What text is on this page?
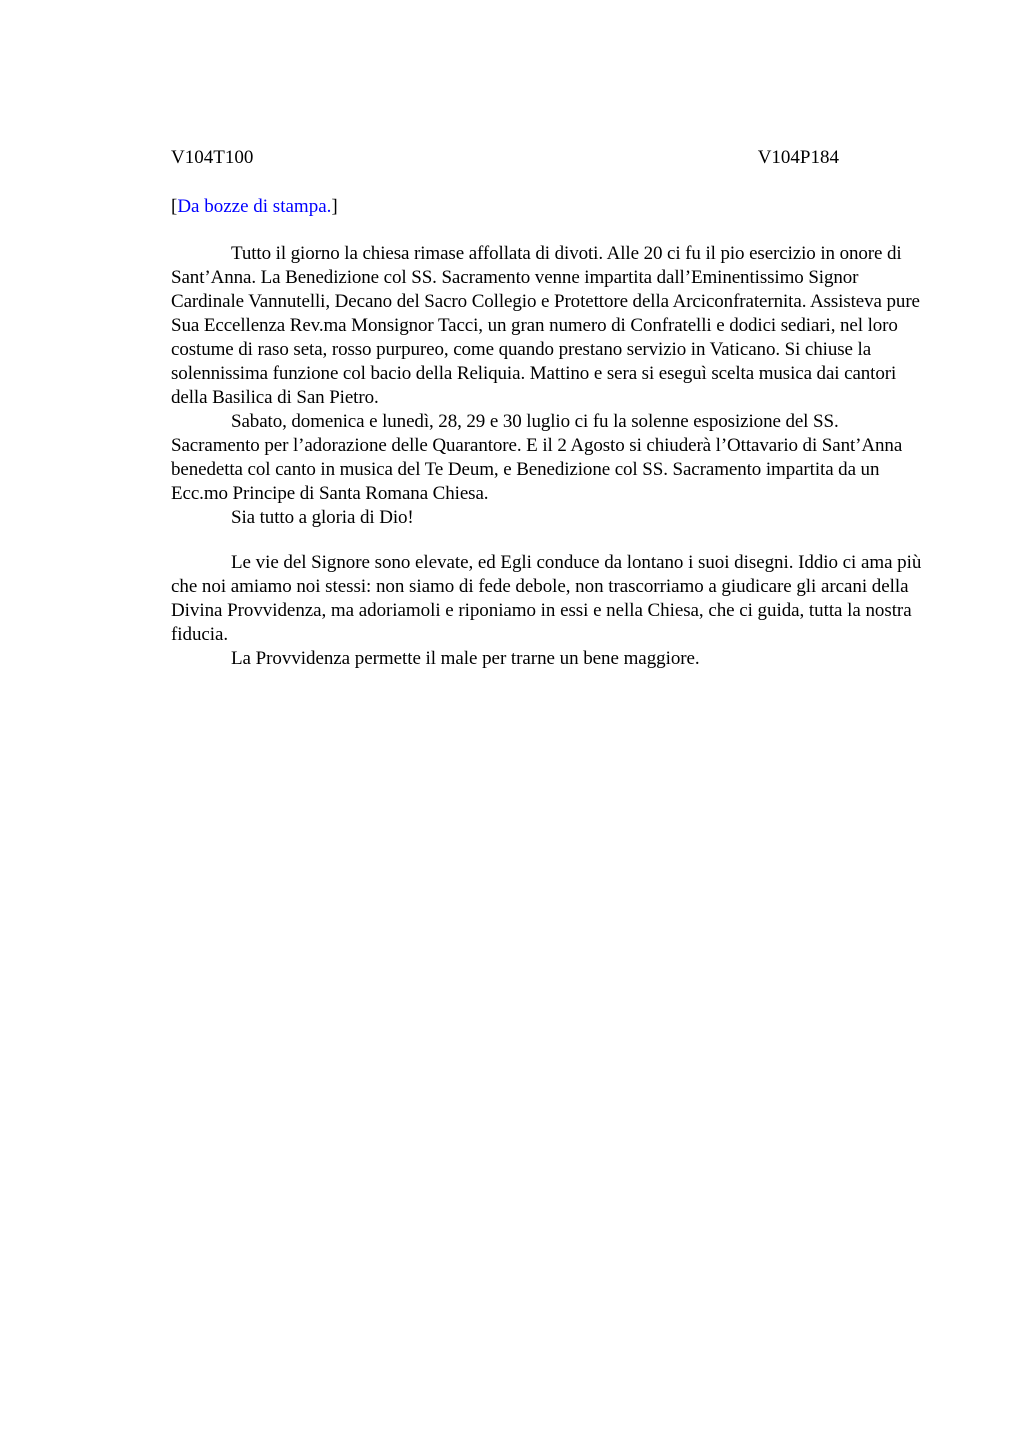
V104T100	V104P184
[Da bozze di stampa.]

Tutto il giorno la chiesa rimase affollata di divoti. Alle 20 ci fu il pio esercizio in onore di Sant’Anna. La Benedizione col SS. Sacramento venne impartita dall’Eminentissimo Signor Cardinale Vannutelli, Decano del Sacro Collegio e Protettore della Arciconfraternita. Assisteva pure Sua Eccellenza Rev.ma Monsignor Tacci, un gran numero di Confratelli e dodici sediari, nel loro costume di raso seta, rosso purpureo, come quando prestano servizio in Vaticano. Si chiuse la solennissima funzione col bacio della Reliquia. Mattino e sera si eseguì scelta musica dai cantori della Basilica di San Pietro.

Sabato, domenica e lunedì, 28, 29 e 30 luglio ci fu la solenne esposizione del SS. Sacramento per l’adorazione delle Quarantore. E il 2 Agosto si chiuderà l’Ottavario di Sant’Anna benedetta col canto in musica del Te Deum, e Benedizione col SS. Sacramento impartita da un Ecc.mo Principe di Santa Romana Chiesa.

Sia tutto a gloria di Dio!

Le vie del Signore sono elevate, ed Egli conduce da lontano i suoi disegni. Iddio ci ama più che noi amiamo noi stessi: non siamo di fede debole, non trascorriamo a giudicare gli arcani della Divina Provvidenza, ma adoriamoli e riponiamo in essi e nella Chiesa, che ci guida, tutta la nostra fiducia.

La Provvidenza permette il male per trarne un bene maggiore.
